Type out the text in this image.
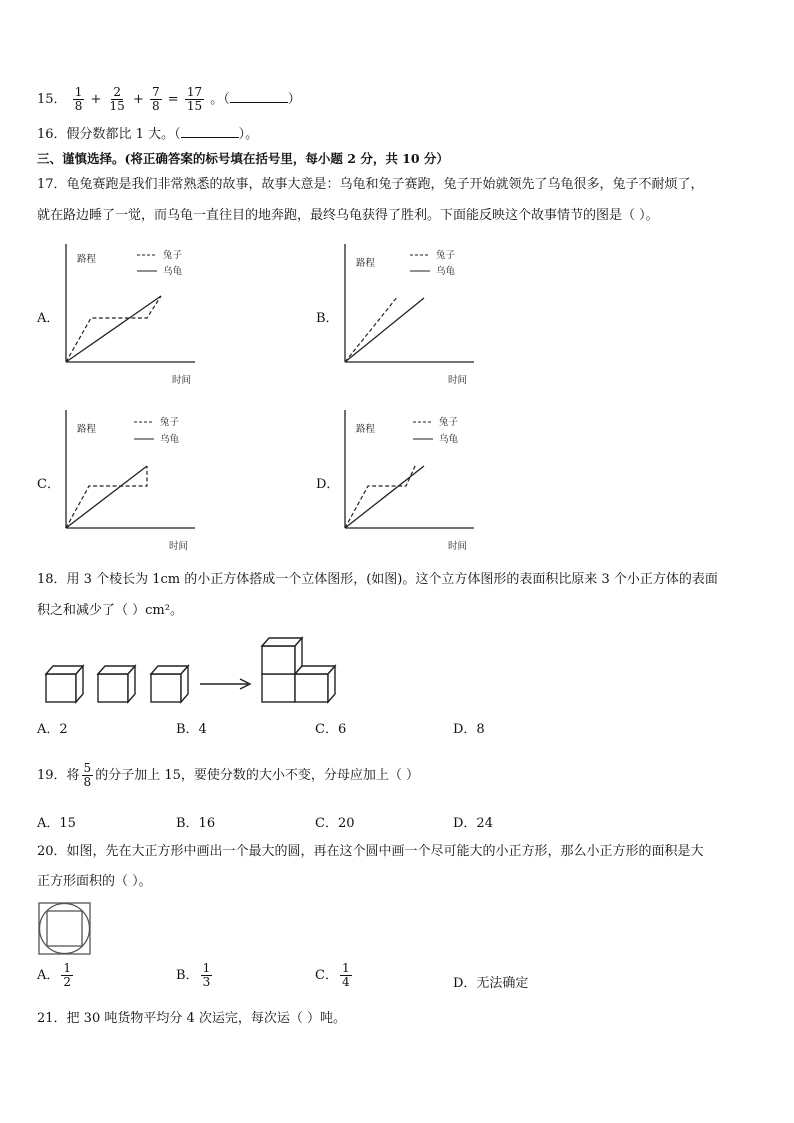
15． $\frac{1}{8} + \frac{2}{15} + \frac{7}{8} = \frac{17}{15}$ 。（	）
16．假分数都比 1 大。（	）。
三、谨慎选择。(将正确答案的标号填在括号里，每小题 2 分，共 10 分）
17．龟兔赛跑是我们非常熟悉的故事，故事大意是：乌龟和兔子赛跑，兔子开始就领先了乌龟很多，兔子不耐烦了，
就在路边睡了一觉，而乌龟一直往目的地奔跑，最终乌龟获得了胜利。下面能反映这个故事情节的图是（ ）。
A．
路程
时间
兔子
乌龟
B．
路程
时间
兔子
乌龟
C．
路程
时间
兔子
乌龟
D．
路程
时间
兔子
乌龟
18．用 3 个棱长为 1cm 的小正方体搭成一个立体图形，(如图)。这个立方体图形的表面积比原来 3 个小正方体的表面
积之和减少了（ ）cm²。
A．2	B．4	C．6	D．8
19．将 $\frac{5}{8}$ 的分子加上 15，要使分数的大小不变，分母应加上（ ）
A．15	B．16	C．20	D．24
20．如图，先在大正方形中画出一个最大的圆，再在这个圆中画一个尽可能大的小正方形，那么小正方形的面积是大
正方形面积的（ ）。
A． $\frac{1}{2}$	B． $\frac{1}{3}$	C． $\frac{1}{4}$	D．无法确定
21．把 30 吨货物平均分 4 次运完，每次运（ ）吨。
